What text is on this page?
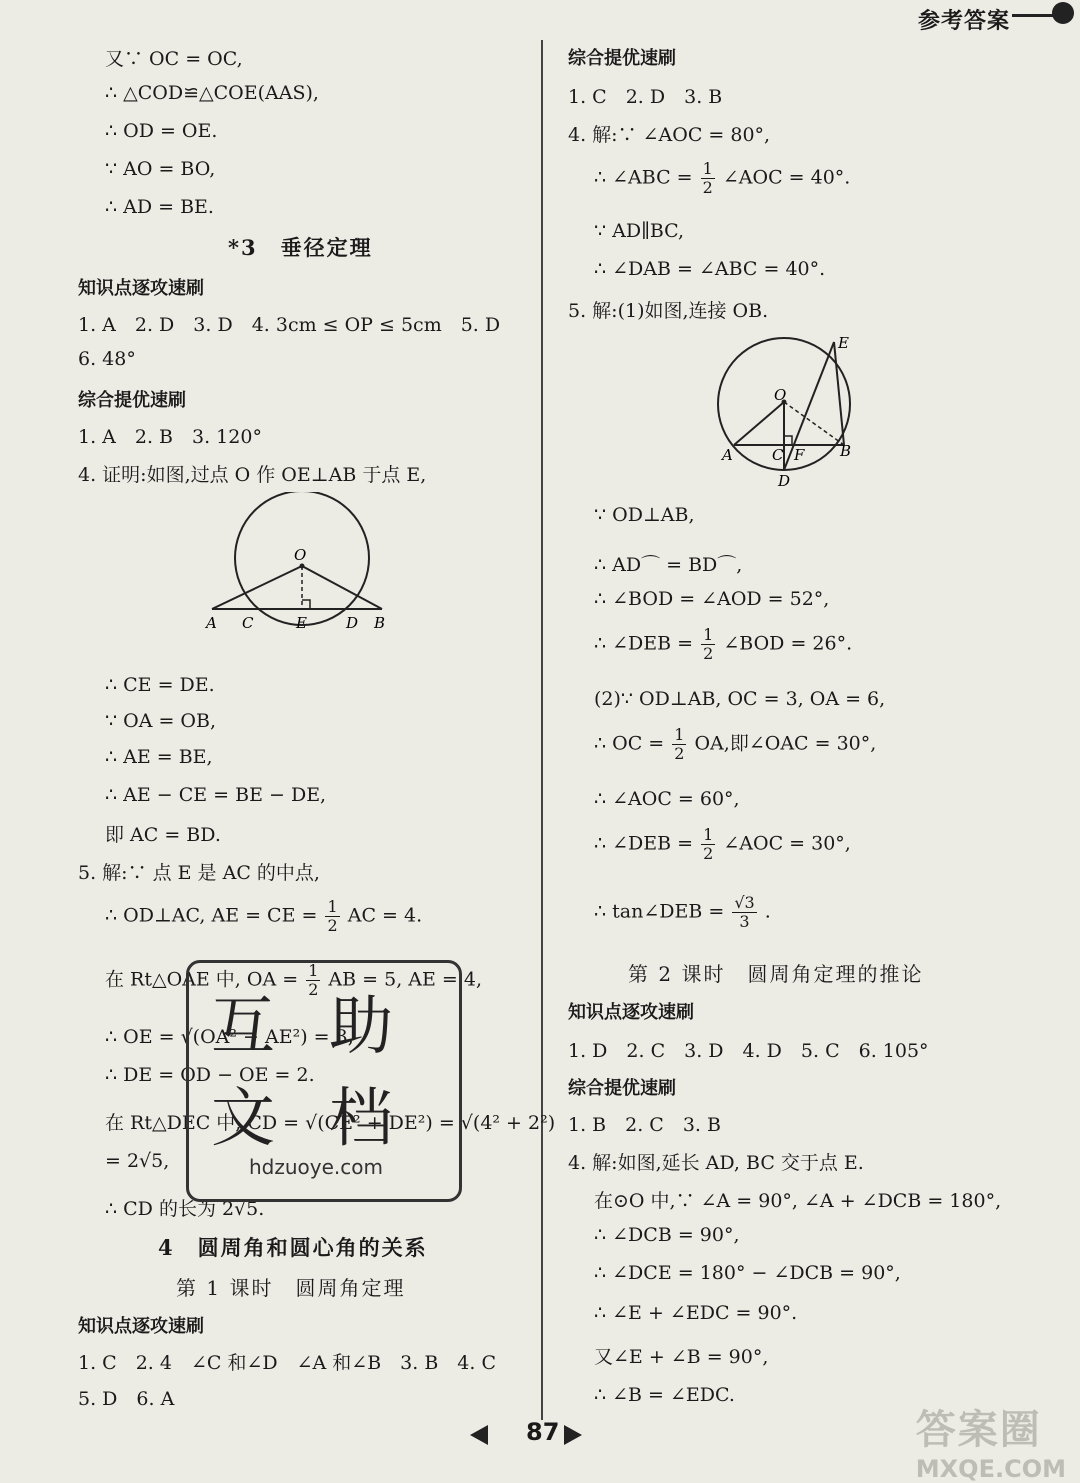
参考答案
又∵ OC = OC,
∴ △COD≌△COE(AAS),
∴ OD = OE.
∵ AO = BO,
∴ AD = BE.
*3　垂径定理
知识点逐攻速刷
1. A　2. D　3. D　4. 3cm ≤ OP ≤ 5cm　5. D
6. 48°
综合提优速刷
1. A　2. B　3. 120°
4. 证明:如图,过点 O 作 OE⊥AB 于点 E,
O
A C	E	D B
∴ CE = DE.
∵ OA = OB,
∴ AE = BE,
∴ AE − CE = BE − DE,
即 AC = BD.
5. 解:∵ 点 E 是 AC 的中点,
∴ OD⊥AC, AE = CE = $\frac{1}{2}$ AC = 4.
在 Rt△OAE 中, OA = $\frac{1}{2}$ AB = 5, AE = 4,
∴ OE = √(OA² − AE²) = 3,
∴ DE = OD − OE = 2.
在 Rt△DEC 中, CD = √(CE² + DE²) = √(4² + 2²)
= 2√5,
∴ CD 的长为 2√5.
4　圆周角和圆心角的关系
第 1 课时　圆周角定理
知识点逐攻速刷
1. C　2. 4　∠C 和∠D　∠A 和∠B　3. B　4. C
5. D　6. A
互 助
文 档
hdzuoye.com
综合提优速刷
1. C　2. D　3. B
4. 解:∵ ∠AOC = 80°,
∴ ∠ABC = $\frac{1}{2}$ ∠AOC = 40°.
∵ AD∥BC,
∴ ∠DAB = ∠ABC = 40°.
5. 解:(1)如图,连接 OB.
E
O
A	C F B
D
∵ OD⊥AB,
∴ AD⌒ = BD⌒,
∴ ∠BOD = ∠AOD = 52°,
∴ ∠DEB = $\frac{1}{2}$ ∠BOD = 26°.
(2)∵ OD⊥AB, OC = 3, OA = 6,
∴ OC = $\frac{1}{2}$ OA,即∠OAC = 30°,
∴ ∠AOC = 60°,
∴ ∠DEB = $\frac{1}{2}$ ∠AOC = 30°,
∴ tan∠DEB = $\frac{√3}{3}$ .
第 2 课时　圆周角定理的推论
知识点逐攻速刷
1. D　2. C　3. D　4. D　5. C　6. 105°
综合提优速刷
1. B　2. C　3. B
4. 解:如图,延长 AD, BC 交于点 E.
在⊙O 中,∵ ∠A = 90°, ∠A + ∠DCB = 180°,
∴ ∠DCB = 90°,
∴ ∠DCE = 180° − ∠DCB = 90°,
∴ ∠E + ∠EDC = 90°.
又∠E + ∠B = 90°,
∴ ∠B = ∠EDC.
87	答案圈
MXQE.COM
